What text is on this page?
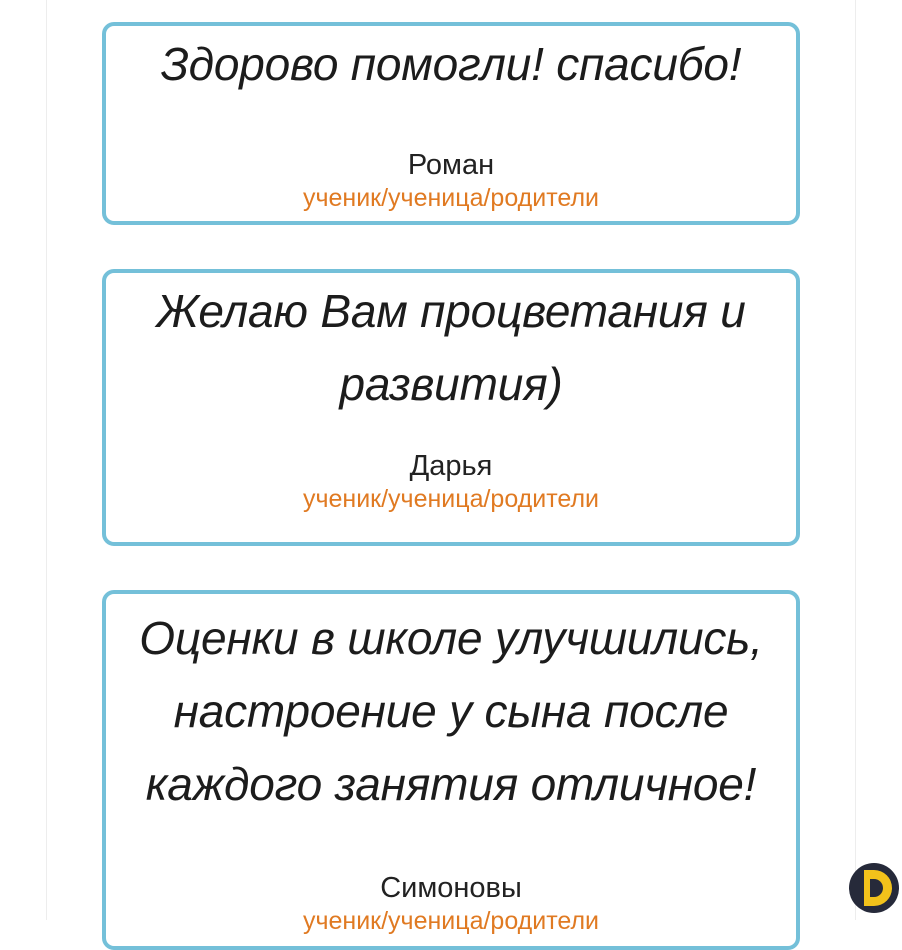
Здорово помогли! спасибо!

Роман

ученик/ученица/родители

Желаю Вам процветания и

развития)

Дарья

ученик/ученица/родители

Оценки в школе улучшились,

настроение у сына после

каждого занятия отличное!

Симоновы

ученик/ученица/родители
